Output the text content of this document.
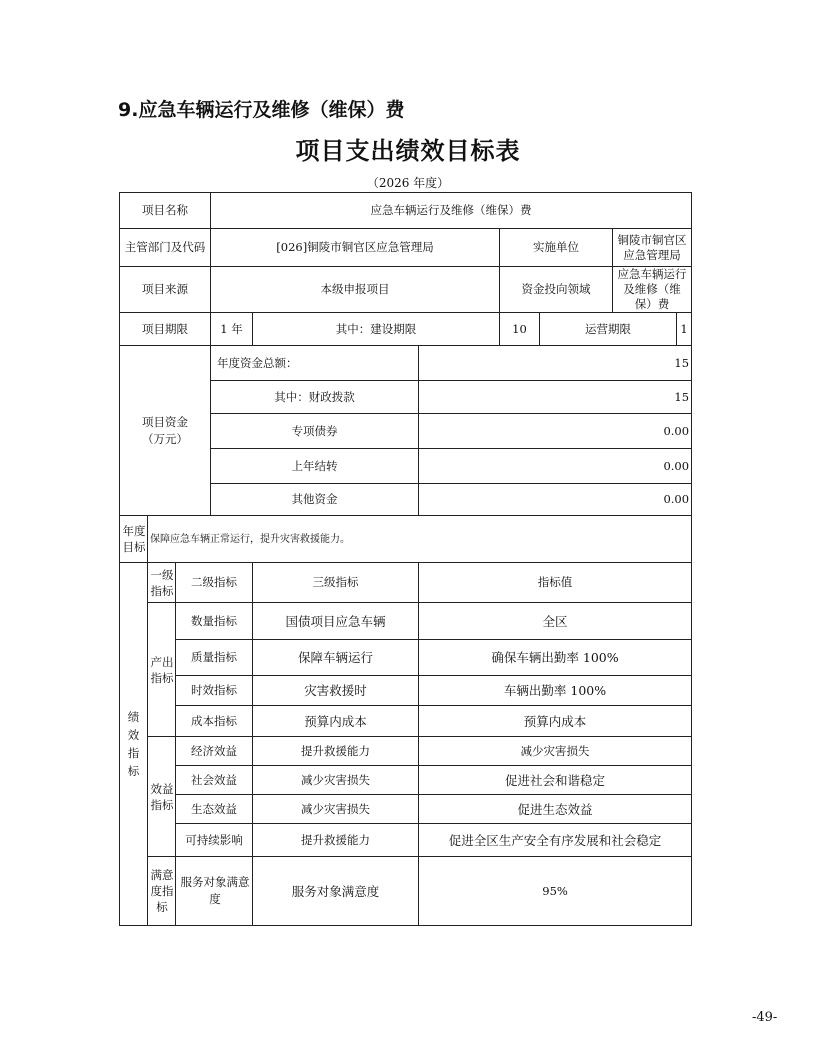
9.应急车辆运行及维修（维保）费
项目支出绩效目标表
（2026 年度）
项目名称			应急车辆运行及维修（维保）费						
主管部门及代码			[026]铜陵市铜官区应急管理局			实施单位		铜陵市铜官区应急管理局	
项目来源			本级申报项目			资金投向领域		应急车辆运行及维修（维保）费	
项目期限			1 年	其中：建设期限		10	运营期限		1
项目资金（万元）			年度资金总额：		15				
			其中：财政拨款		15				
			专项债券		0.00				
			上年结转		0.00				
			其他资金		0.00				
年度目标	保障应急车辆正常运行，提升灾害救援能力。								
绩效指标	一级指标	二级指标		三级指标	指标值				
	产出指标	数量指标		国债项目应急车辆	全区				
		质量指标		保障车辆运行	确保车辆出勤率 100%				
		时效指标		灾害救援时	车辆出勤率 100%				
		成本指标		预算内成本	预算内成本				
	效益指标	经济效益		提升救援能力	减少灾害损失				
		社会效益		减少灾害损失	促进社会和谐稳定				
		生态效益		减少灾害损失	促进生态效益				
		可持续影响		提升救援能力	促进全区生产安全有序发展和社会稳定				
	满意度指标	服务对象满意度		服务对象满意度	95%				
-49-
